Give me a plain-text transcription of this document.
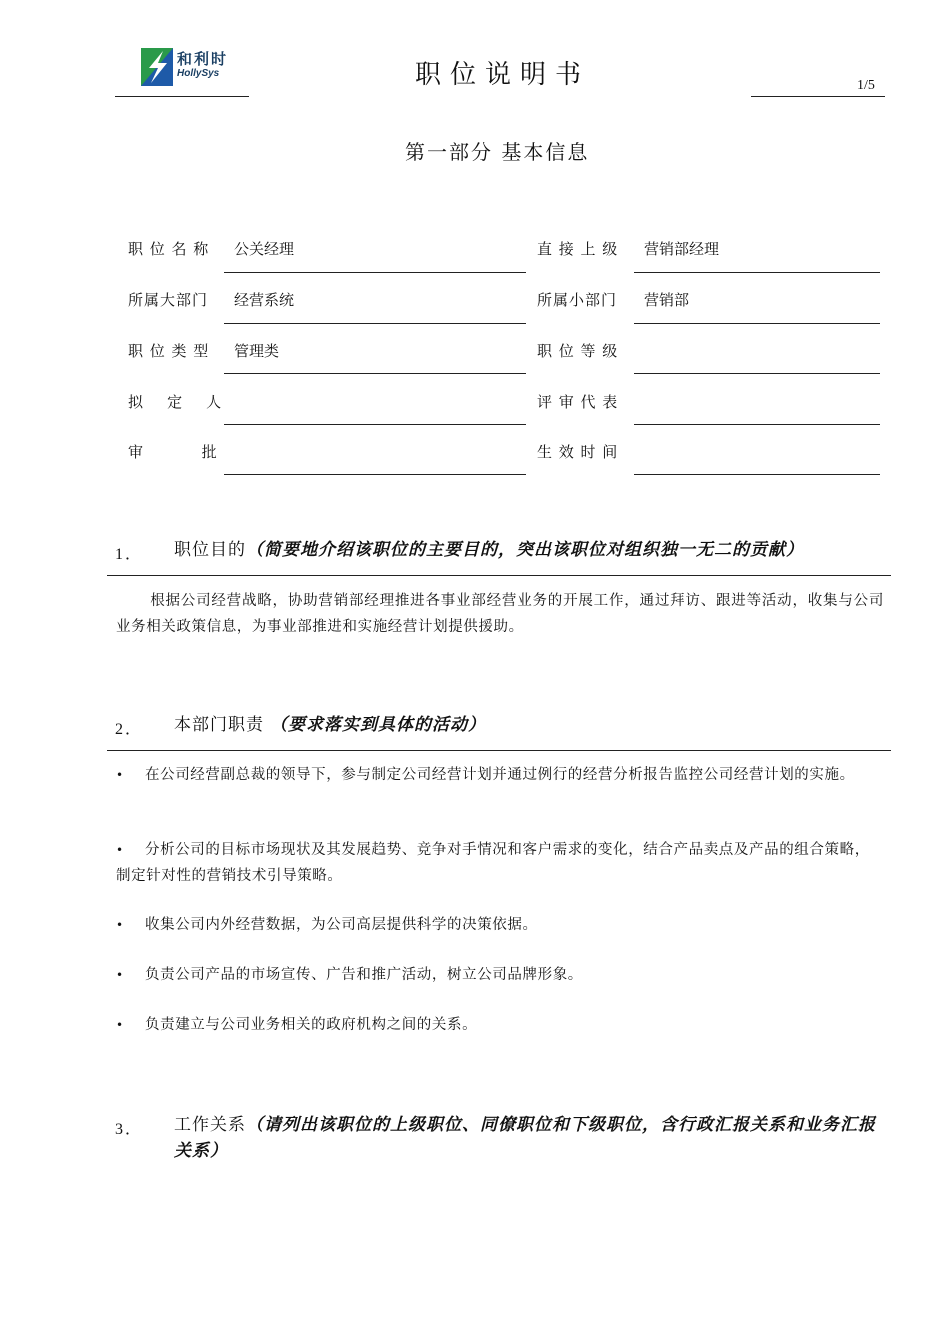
和利时
HollySys	职位说明书	1/5
第一部分 基本信息
职 位 名 称 公关经理	直 接 上 级 营销部经理
所属大部门 经营系统	所属小部门 营销部
职 位 类 型 管理类	职 位 等 级
拟    定    人	评 审 代 表
审          批	生 效 时 间
1． 职位目的（简要地介绍该职位的主要目的，突出该职位对组织独一无二的贡献）
根据公司经营战略，协助营销部经理推进各事业部经营业务的开展工作，通过拜访、跟进等活动，收集与公司业务相关政策信息，为事业部推进和实施经营计划提供援助。
2． 本部门职责 （要求落实到具体的活动）
• 在公司经营副总裁的领导下，参与制定公司经营计划并通过例行的经营分析报告监控公司经营计划的实施。
• 分析公司的目标市场现状及其发展趋势、竞争对手情况和客户需求的变化，结合产品卖点及产品的组合策略，制定针对性的营销技术引导策略。
• 收集公司内外经营数据，为公司高层提供科学的决策依据。
• 负责公司产品的市场宣传、广告和推广活动，树立公司品牌形象。
• 负责建立与公司业务相关的政府机构之间的关系。
3． 工作关系（请列出该职位的上级职位、同僚职位和下级职位，含行政汇报关系和业务汇报关系）
